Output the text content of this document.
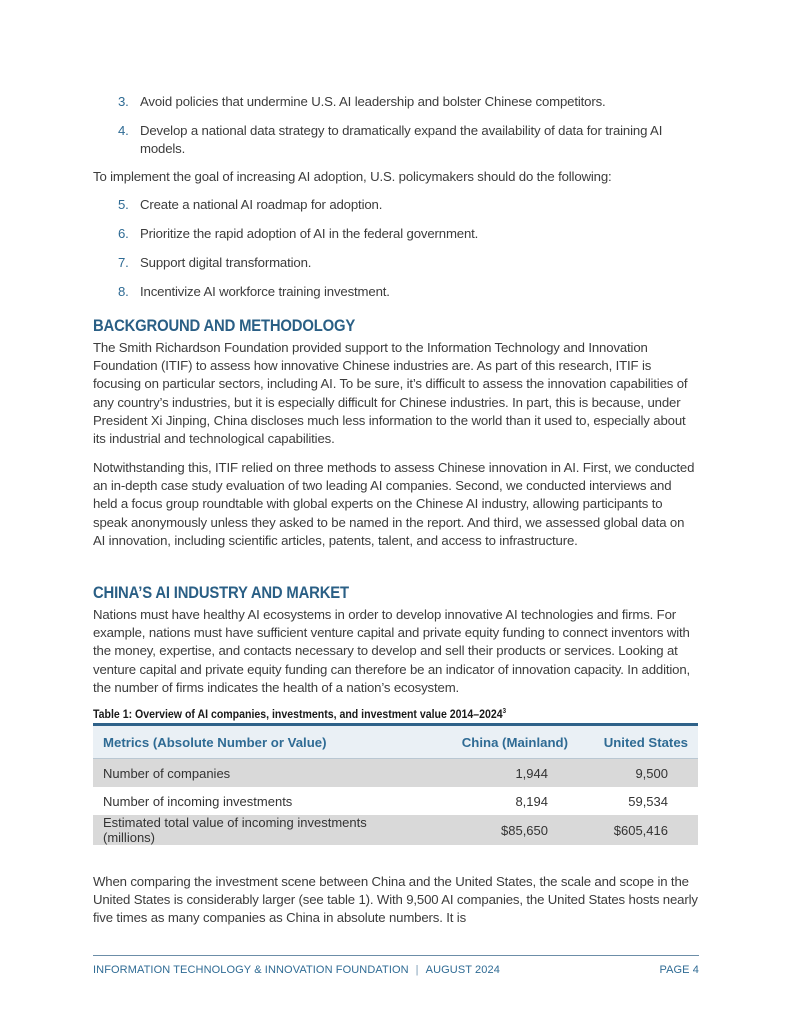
3. Avoid policies that undermine U.S. AI leadership and bolster Chinese competitors.
4. Develop a national data strategy to dramatically expand the availability of data for training AI models.
To implement the goal of increasing AI adoption, U.S. policymakers should do the following:
5. Create a national AI roadmap for adoption.
6. Prioritize the rapid adoption of AI in the federal government.
7. Support digital transformation.
8. Incentivize AI workforce training investment.
BACKGROUND AND METHODOLOGY
The Smith Richardson Foundation provided support to the Information Technology and Innovation Foundation (ITIF) to assess how innovative Chinese industries are. As part of this research, ITIF is focusing on particular sectors, including AI. To be sure, it’s difficult to assess the innovation capabilities of any country’s industries, but it is especially difficult for Chinese industries. In part, this is because, under President Xi Jinping, China discloses much less information to the world than it used to, especially about its industrial and technological capabilities.
Notwithstanding this, ITIF relied on three methods to assess Chinese innovation in AI. First, we conducted an in-depth case study evaluation of two leading AI companies. Second, we conducted interviews and held a focus group roundtable with global experts on the Chinese AI industry, allowing participants to speak anonymously unless they asked to be named in the report. And third, we assessed global data on AI innovation, including scientific articles, patents, talent, and access to infrastructure.
CHINA’S AI INDUSTRY AND MARKET
Nations must have healthy AI ecosystems in order to develop innovative AI technologies and firms. For example, nations must have sufficient venture capital and private equity funding to connect inventors with the money, expertise, and contacts necessary to develop and sell their products or services. Looking at venture capital and private equity funding can therefore be an indicator of innovation capacity. In addition, the number of firms indicates the health of a nation’s ecosystem.
Table 1: Overview of AI companies, investments, and investment value 2014–2024$^3$
Metrics (Absolute Number or Value)	China (Mainland)	United States
Number of companies	1,944	9,500
Number of incoming investments	8,194	59,534
Estimated total value of incoming investments (millions)	$85,650	$605,416
When comparing the investment scene between China and the United States, the scale and scope in the United States is considerably larger (see table 1). With 9,500 AI companies, the United States hosts nearly five times as many companies as China in absolute numbers. It is
INFORMATION TECHNOLOGY & INNOVATION FOUNDATION | AUGUST 2024	PAGE 4
